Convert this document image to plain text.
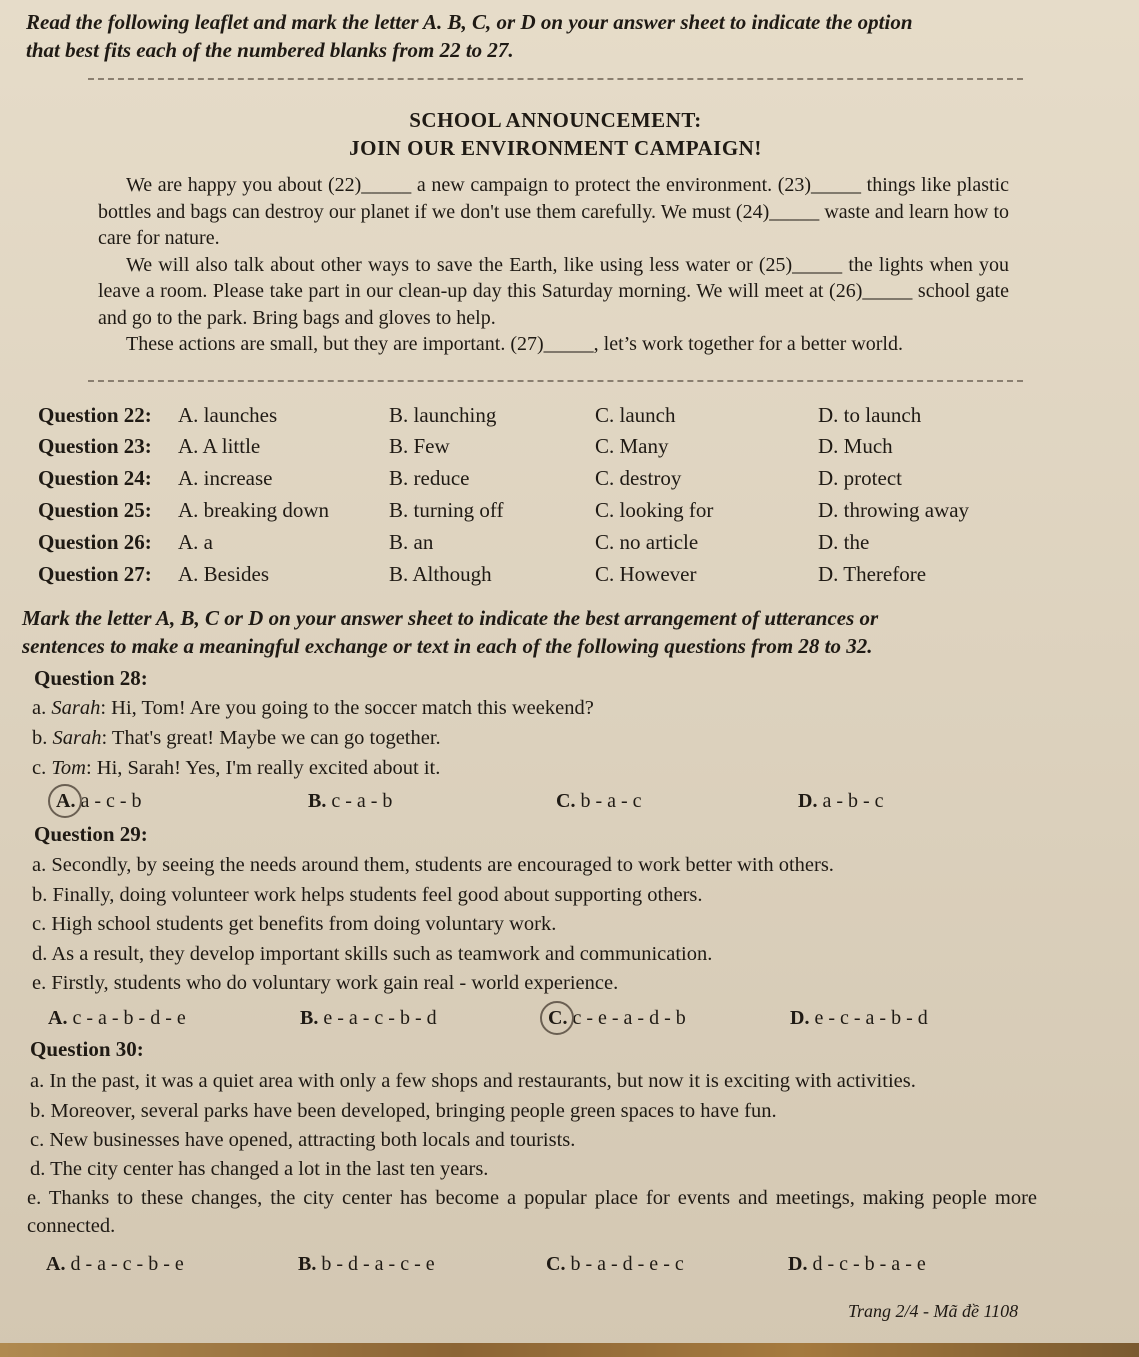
Read the following leaflet and mark the letter A. B, C, or D on your answer sheet to indicate the option
that best fits each of the numbered blanks from 22 to 27.
SCHOOL ANNOUNCEMENT:
JOIN OUR ENVIRONMENT CAMPAIGN!
We are happy you about (22)_____ a new campaign to protect the environment. (23)_____ things like plastic bottles and bags can destroy our planet if we don't use them carefully. We must (24)_____ waste and learn how to care for nature.
We will also talk about other ways to save the Earth, like using less water or (25)_____ the lights when you leave a room. Please take part in our clean-up day this Saturday morning. We will meet at (26)_____ school gate and go to the park. Bring bags and gloves to help.
These actions are small, but they are important. (27)_____, let’s work together for a better world.
Question 22: A. launches	B. launching	C. launch	D. to launch
Question 23: A. A little	B. Few	C. Many	D. Much
Question 24: A. increase	B. reduce	C. destroy	D. protect
Question 25: A. breaking down	B. turning off	C. looking for	D. throwing away
Question 26: A. a	B. an	C. no article	D. the
Question 27: A. Besides	B. Although	C. However	D. Therefore
Mark the letter A, B, C or D on your answer sheet to indicate the best arrangement of utterances or
sentences to make a meaningful exchange or text in each of the following questions from 28 to 32.
Question 28:
a. Sarah: Hi, Tom! Are you going to the soccer match this weekend?
b. Sarah: That's great! Maybe we can go together.
c. Tom: Hi, Sarah! Yes, I'm really excited about it.
A. a - c - b	B. c - a - b	C. b - a - c	D. a - b - c
Question 29:
a. Secondly, by seeing the needs around them, students are encouraged to work better with others.
b. Finally, doing volunteer work helps students feel good about supporting others.
c. High school students get benefits from doing voluntary work.
d. As a result, they develop important skills such as teamwork and communication.
e. Firstly, students who do voluntary work gain real - world experience.
A. c - a - b - d - e	B. e - a - c - b - d	C. c - e - a - d - b	D. e - c - a - b - d
Question 30:
a. In the past, it was a quiet area with only a few shops and restaurants, but now it is exciting with activities.
b. Moreover, several parks have been developed, bringing people green spaces to have fun.
c. New businesses have opened, attracting both locals and tourists.
d. The city center has changed a lot in the last ten years.
e. Thanks to these changes, the city center has become a popular place for events and meetings, making people more connected.
A. d - a - c - b - e	B. b - d - a - c - e	C. b - a - d - e - c	D. d - c - b - a - e
Trang 2/4 - Mã đề 1108
